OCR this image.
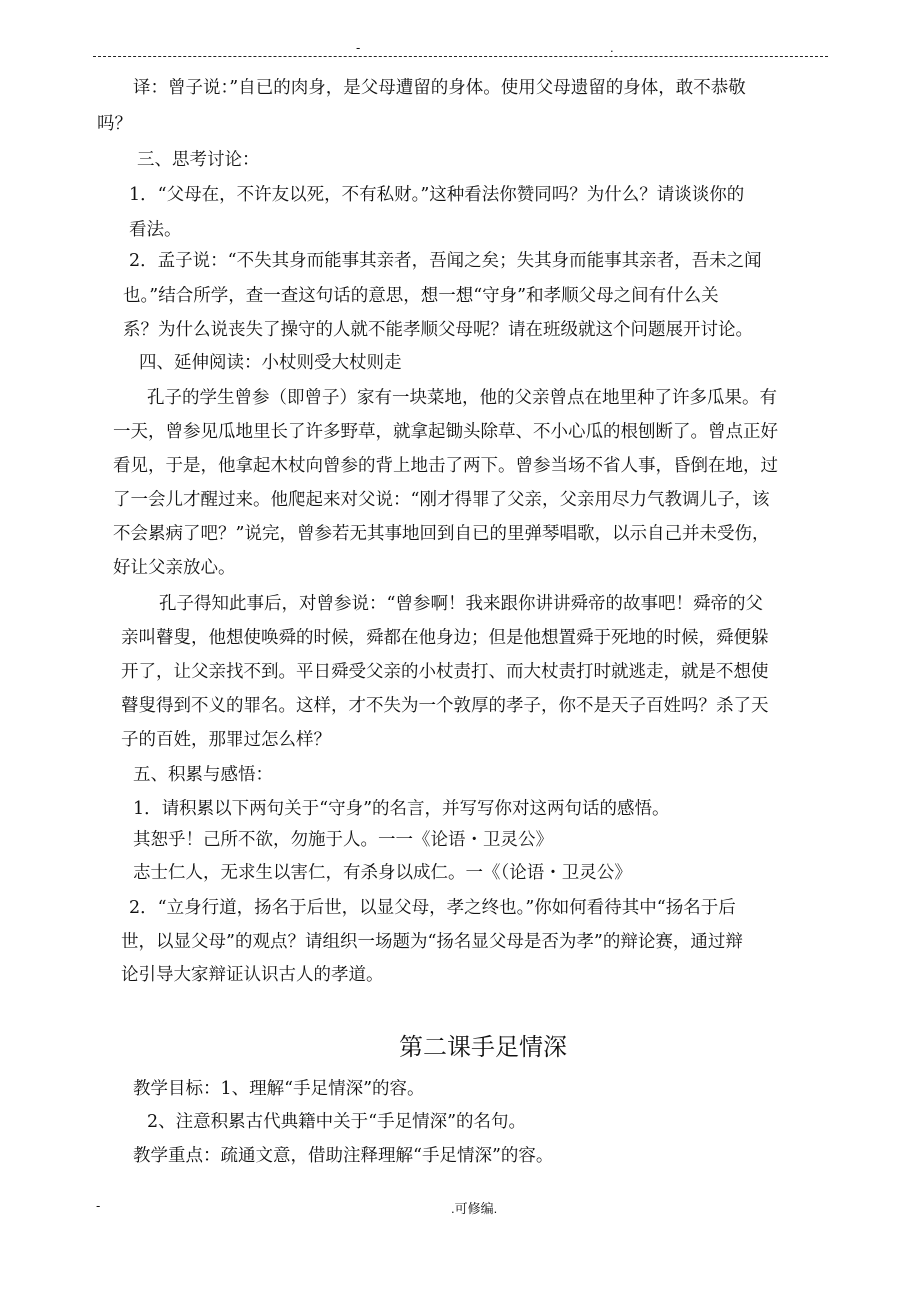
-	.
译：曾子说：”自已的肉身，是父母遭留的身体。使用父母遗留的身体，敢不恭敬
吗？
三、思考讨论：
1．“父母在，不许友以死，不有私财。”这种看法你赞同吗？为什么？请谈谈你的
看法。
2．孟子说：“不失其身而能事其亲者，吾闻之矣；失其身而能事其亲者，吾未之闻
也。”结合所学，查一查这句话的意思，想一想“守身”和孝顺父母之间有什么关
系？为什么说丧失了操守的人就不能孝顺父母呢？请在班级就这个问题展开讨论。
四、延伸阅读：小杖则受大杖则走
孔子的学生曾参（即曾子）家有一块菜地，他的父亲曾点在地里种了许多瓜果。有
一天，曾参见瓜地里长了许多野草，就拿起锄头除草、不小心瓜的根刨断了。曾点正好
看见，于是，他拿起木杖向曾参的背上地击了两下。曾参当场不省人事，昏倒在地，过
了一会儿才醒过来。他爬起来对父说：“刚才得罪了父亲，父亲用尽力气教调儿子，该
不会累病了吧？”说完，曾参若无其事地回到自已的里弹琴唱歌，以示自己并未受伤，
好让父亲放心。
孔子得知此事后，对曾参说：“曾参啊！我来跟你讲讲舜帝的故事吧！舜帝的父
亲叫瞽叟，他想使唤舜的时候，舜都在他身边；但是他想置舜于死地的时候，舜便躲
开了，让父亲找不到。平日舜受父亲的小杖责打、而大杖责打时就逃走，就是不想使
瞽叟得到不义的罪名。这样，才不失为一个敦厚的孝子，你不是天子百姓吗？杀了天
子的百姓，那罪过怎么样？
五、积累与感悟：
1．请积累以下两句关于“守身”的名言，并写写你对这两句话的感悟。
其恕乎！己所不欲，勿施于人。一一《论语・卫灵公》
志士仁人，无求生以害仁，有杀身以成仁。一《（论语・卫灵公》
2．“立身行道，扬名于后世，以显父母，孝之终也。”你如何看待其中“扬名于后
世，以显父母”的观点？请组织一场题为“扬名显父母是否为孝”的辩论赛，通过辩
论引导大家辩证认识古人的孝道。
第二课手足情深
教学目标：1、理解“手足情深”的容。
2、注意积累古代典籍中关于“手足情深”的名句。
教学重点：疏通文意，借助注释理解“手足情深”的容。
-	.可修编.
